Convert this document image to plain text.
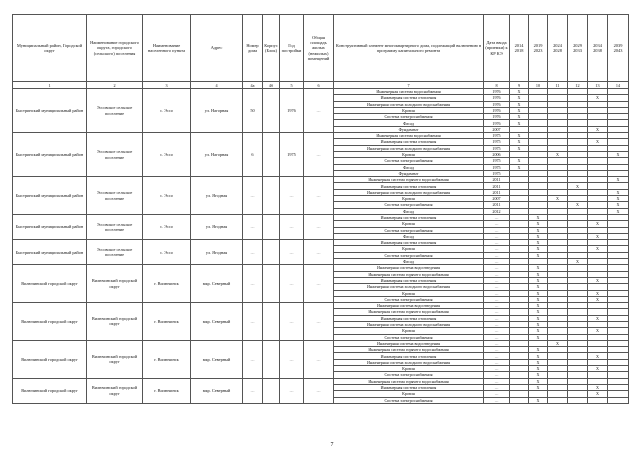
Муниципальный район, Городской округ	Наименование городского округа, городского (сельского) поселения	Наименование населенного пункта	Адрес	Номер дома	Корпус (Блок)	Год постройки	Общая площадь жилых (нежилых) помещений	Конструктивный элемент многоквартирного дома, подлежащий включению в программу капитального ремонта	Дата ввода (приемки) к КР КЭ	2014 2018	2019 2023	2024 2028	2029 2033	2034 2038	2039 2043
1	2	3	4	4а	4б	5	6	7	8	9	10	11	12	13	14
Быстринский муниципальный район	Эссовское сельское поселение	с. Эссо	ул. Нагорная	50		1976	…	Инженерная система водоснабжения	1976	X					
								Инженерная система отопления	1976	X				X	
								Инженерная система холодного водоснабжения	1976	X					
								Кровля	1976	X					
								Система электроснабжения	1976	X					
								Фасад	1976	X					
								Фундамент	2007					X	
Быстринский муниципальный район	Эссовское сельское поселение	с. Эссо	ул. Нагорная	6		1975	…	Инженерная система водоснабжения	1975	X					
								Инженерная система отопления	1975	X				X	
								Инженерная система холодного водоснабжения	1975	X					
								Кровля	2006			X			X
								Система электроснабжения	1975	X					
								Фасад	1975	X					
								Фундамент	1975						
Быстринский муниципальный район	Эссовское сельское поселение	с. Эссо	ул. Ягодная	…		…	…	Инженерная система горячего водоснабжения	2011						X
								Инженерная система отопления	2011				X		
								Инженерная система холодного водоснабжения	2011						X
								Кровля	2007			X			X
								Система электроснабжения	2011				X		X
								Фасад	2012						X
Быстринский муниципальный район	Эссовское сельское поселение	с. Эссо	ул. Ягодная	…		…	…	Инженерная система отопления	…		X				
								Кровля	…		X			X	
								Система электроснабжения	…		X				
								Фасад	…		X			X	
Быстринский муниципальный район	Эссовское сельское поселение	с. Эссо	ул. Ягодная	…		…	…	Инженерная система отопления	…		X				
								Кровля	…		X			X	
								Система электроснабжения	…		X				
								Фасад	…				X		
Вилючинский городской округ	Вилючинский городской округ	г. Вилючинск	мкр. Северный	…		…	…	Инженерная система водоотведения	…		X				
								Инженерная система горячего водоснабжения	…		X				
								Инженерная система отопления	…		X			X	
								Инженерная система холодного водоснабжения	…		X				
								Кровля	…		X			X	
								Система электроснабжения	…		X			X	
Вилючинский городской округ	Вилючинский городской округ	г. Вилючинск	мкр. Северный	…		…	…	Инженерная система водоотведения	…		X				
								Инженерная система горячего водоснабжения	…		X				
								Инженерная система отопления	…		X			X	
								Инженерная система холодного водоснабжения	…		X				
								Кровля	…		X			X	
								Система электроснабжения	…		X				
Вилючинский городской округ	Вилючинский городской округ	г. Вилючинск	мкр. Северный	…		…	…	Инженерная система водоотведения	…			X			
								Инженерная система горячего водоснабжения	…		X				
								Инженерная система отопления	…		X			X	
								Инженерная система холодного водоснабжения	…		X				
								Кровля	…		X			X	
								Система электроснабжения	…		X				
Вилючинский городской округ	Вилючинский городской округ	г. Вилючинск	мкр. Северный	…		…	…	Инженерная система горячего водоснабжения	…		X				
								Инженерная система отопления	…		X			X	
								Кровля	…					X	
								Система электроснабжения	…		X				
7
